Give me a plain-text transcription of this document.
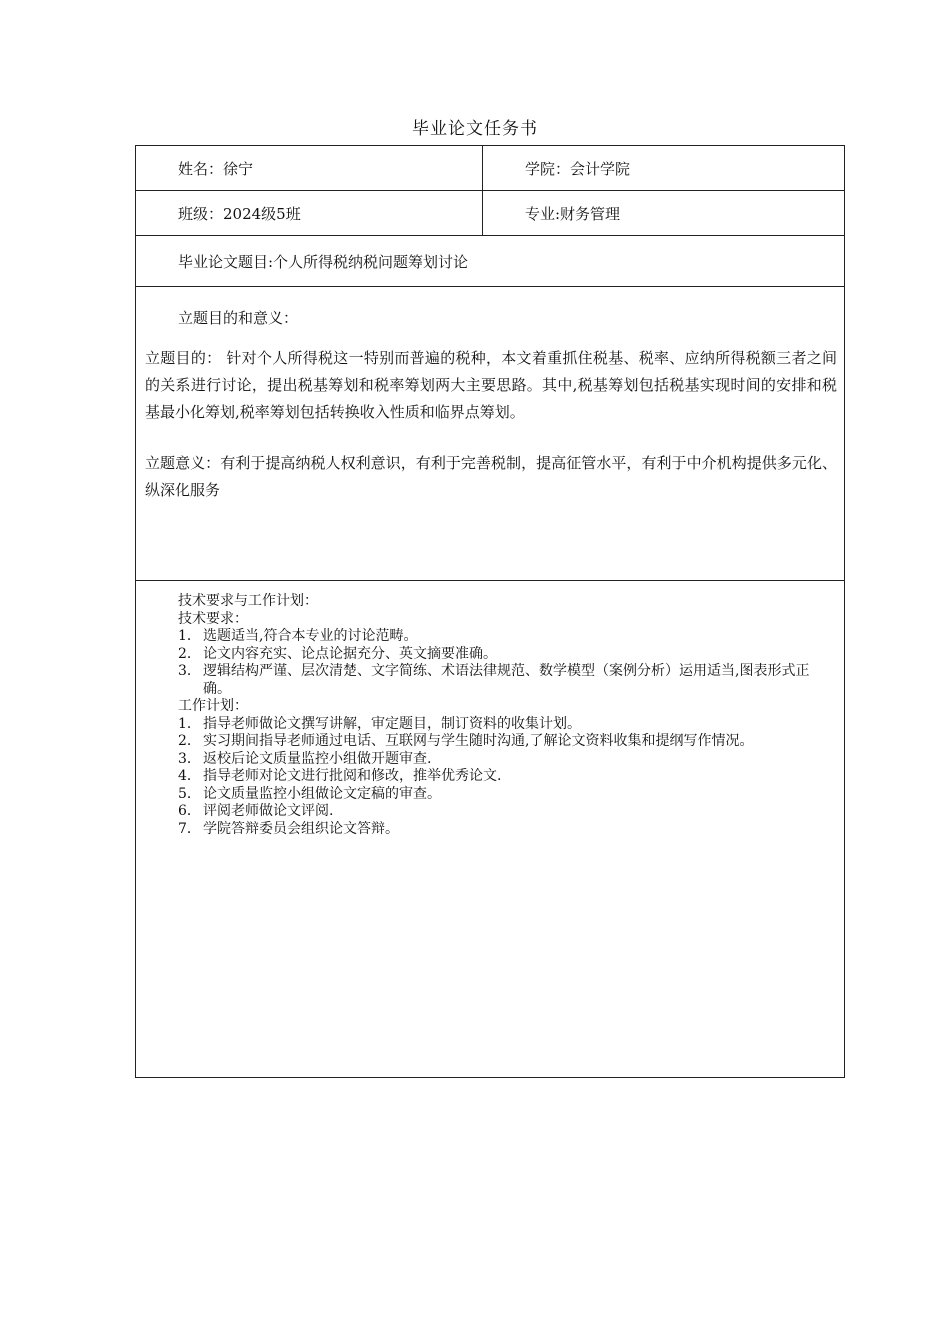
毕业论文任务书
姓名：徐宁	学院：会计学院
班级：2024级5班	专业:财务管理
毕业论文题目:个人所得税纳税问题筹划讨论
立题目的和意义：
技术要求与工作计划：
技术要求：
1． 选题适当,符合本专业的讨论范畴。
2． 论文内容充实、论点论据充分、英文摘要准确。
3． 逻辑结构严谨、层次清楚、文字简练、术语法律规范、数学模型（案例分析）运用适当,图表形式正确。
工作计划：
1． 指导老师做论文撰写讲解，审定题目，制订资料的收集计划。
2． 实习期间指导老师通过电话、互联网与学生随时沟通,了解论文资料收集和提纲写作情况。
3． 返校后论文质量监控小组做开题审查.
4． 指导老师对论文进行批阅和修改，推举优秀论文.
5． 论文质量监控小组做论文定稿的审查。
6． 评阅老师做论文评阅.
7． 学院答辩委员会组织论文答辩。
立题目的： 针对个人所得税这一特别而普遍的税种，本文着重抓住税基、税率、应纳所得税额三者之间的关系进行讨论，提出税基筹划和税率筹划两大主要思路。其中,税基筹划包括税基实现时间的安排和税基最小化筹划,税率筹划包括转换收入性质和临界点筹划。
立题意义：有利于提高纳税人权利意识，有利于完善税制，提高征管水平，有利于中介机构提供多元化、纵深化服务
